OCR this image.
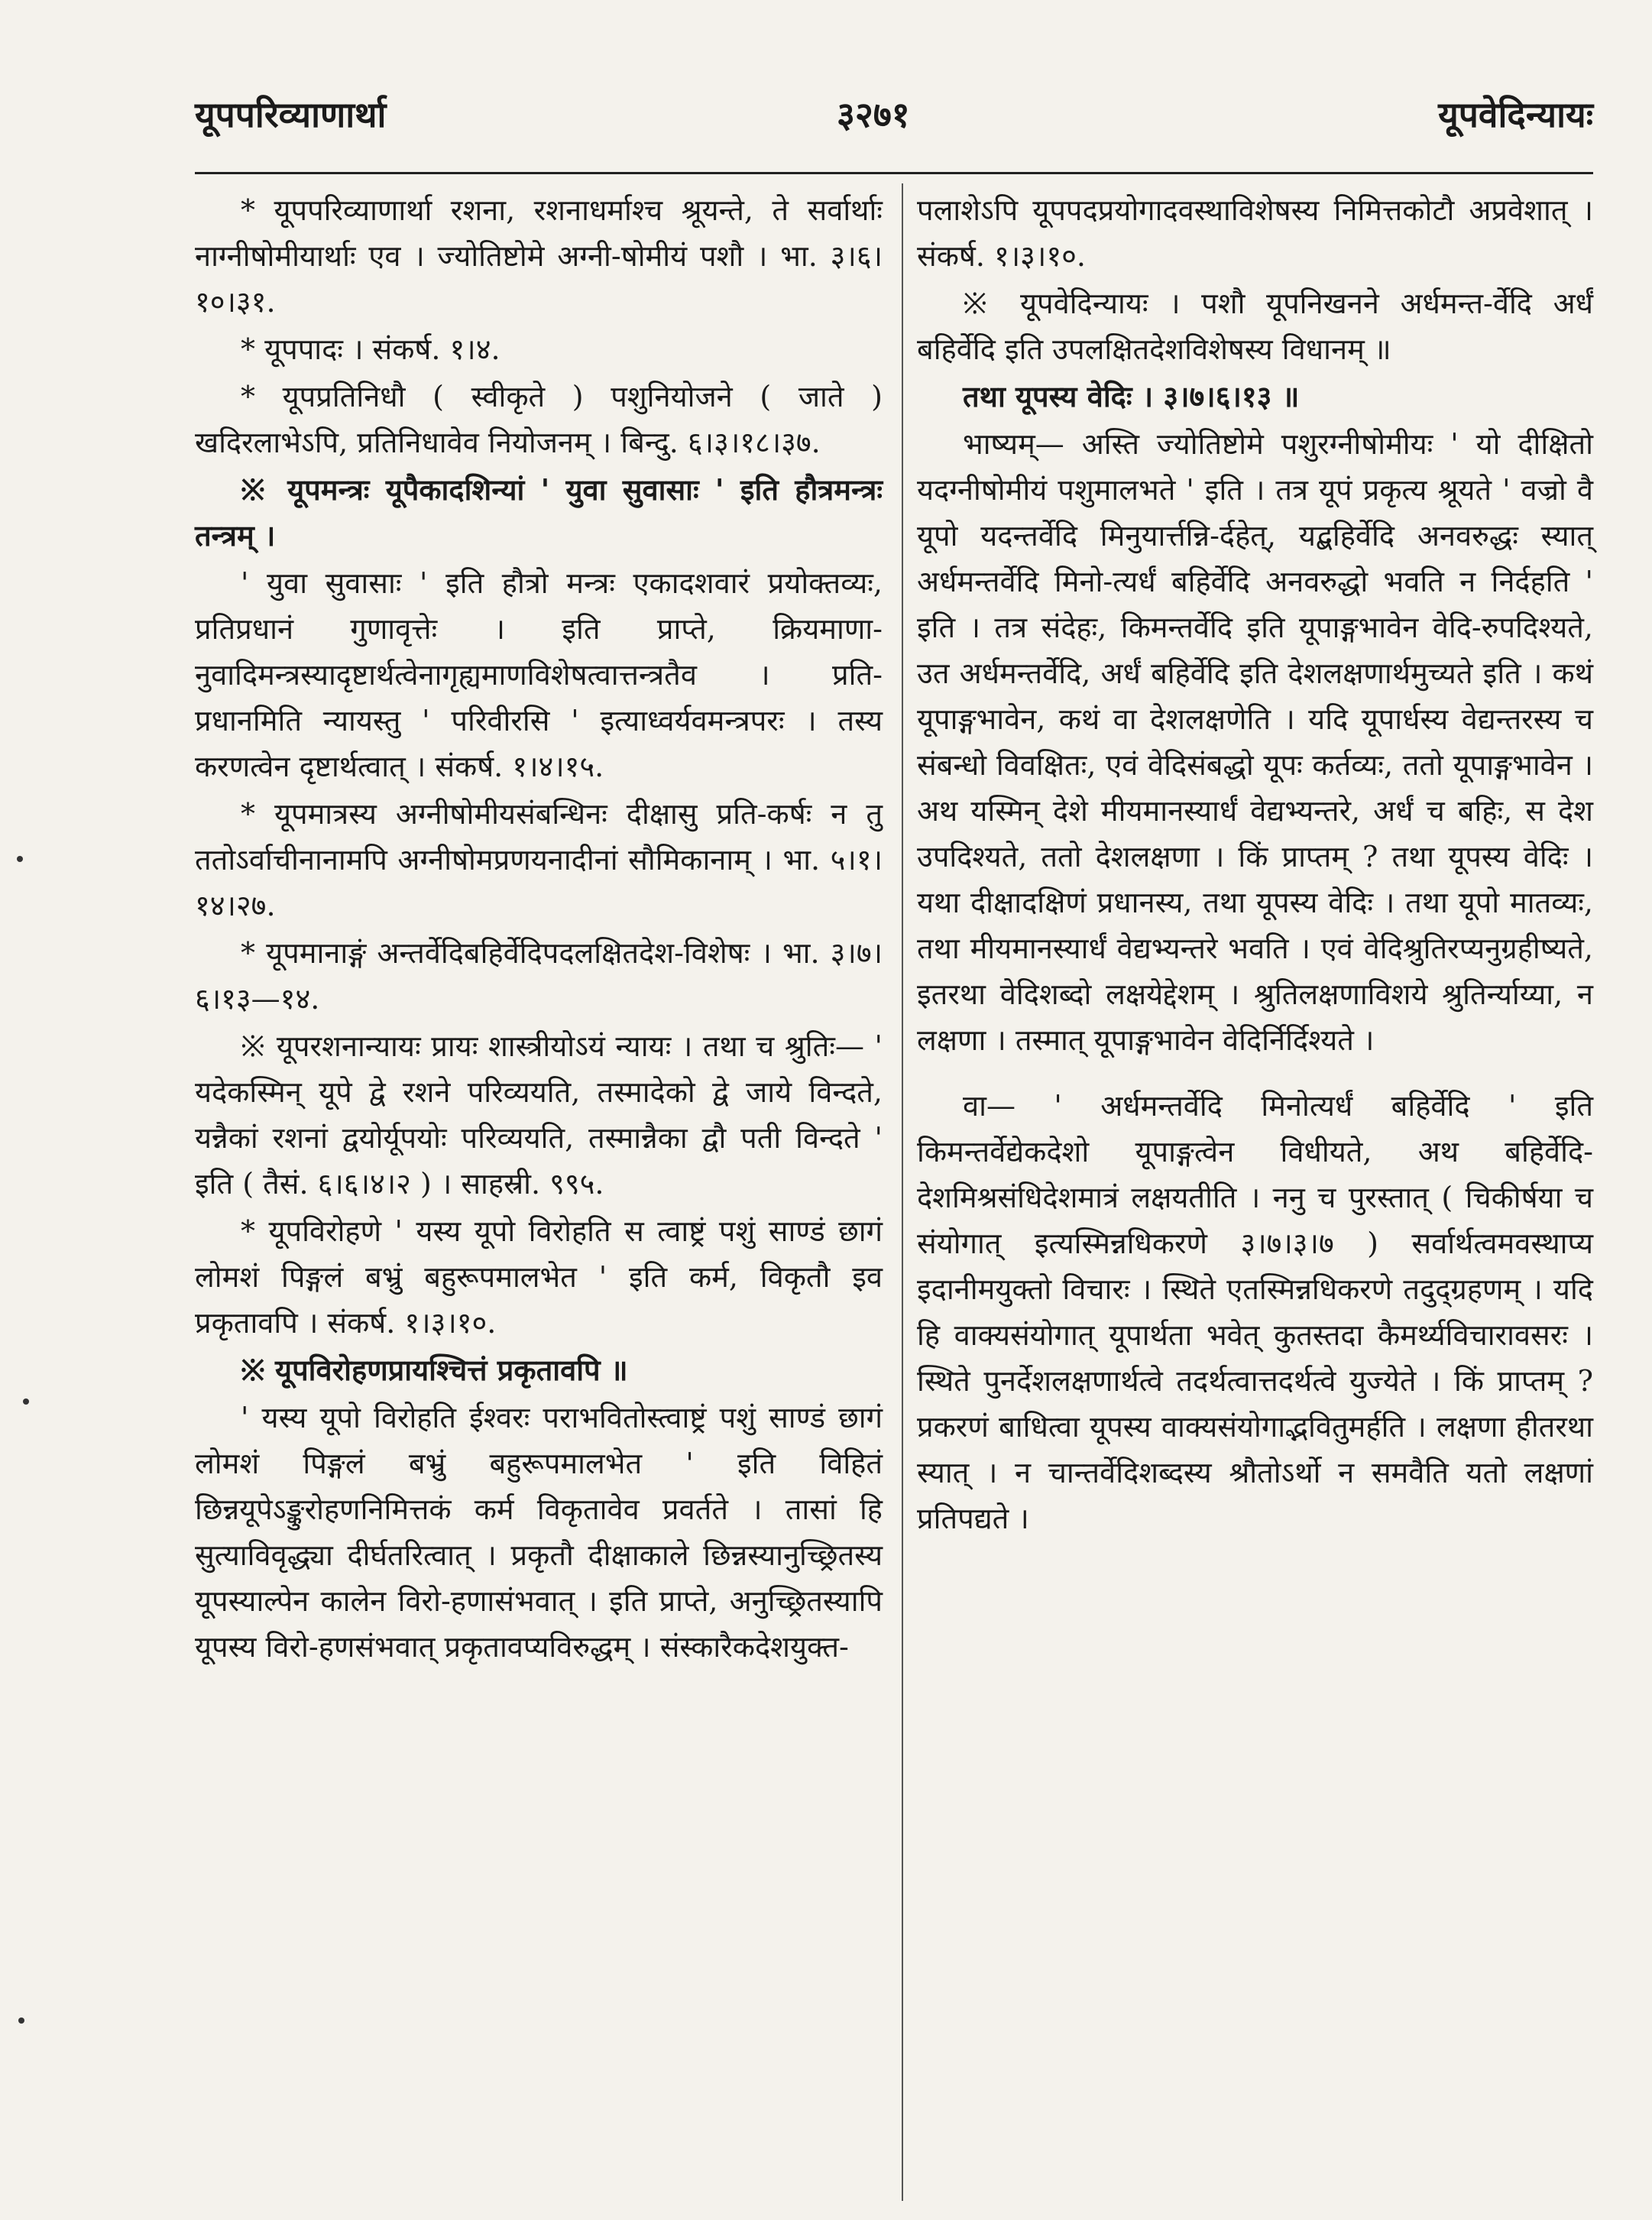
यूपपरिव्याणार्था	३२७१	यूपवेदिन्यायः

* यूपपरिव्याणार्था रशना, रशनाधर्माश्च श्रूयन्ते, ते सर्वार्थाः नाग्नीषोमीयार्थाः एव । ज्योतिष्टोमे अग्नी-षोमीयं पशौ । भा. ३।६।१०।३१.

* यूपपादः । संकर्ष. १।४.

* यूपप्रतिनिधौ ( स्वीकृते ) पशुनियोजने ( जाते ) खदिरलाभेऽपि, प्रतिनिधावेव नियोजनम् । बिन्दु. ६।३।१८।३७.

※ यूपमन्त्रः यूपैकादशिन्यां ' युवा सुवासाः ' इति हौत्रमन्त्रः तन्त्रम् ।

' युवा सुवासाः ' इति हौत्रो मन्त्रः एकादशवारं प्रयोक्तव्यः, प्रतिप्रधानं गुणावृत्तेः । इति प्राप्ते, क्रियमाणा-नुवादिमन्त्रस्यादृष्टार्थत्वेनागृह्यमाणविशेषत्वात्तन्त्रतैव । प्रति-प्रधानमिति न्यायस्तु ' परिवीरसि ' इत्याध्वर्यवमन्त्रपरः । तस्य करणत्वेन दृष्टार्थत्वात् । संकर्ष. १।४।१५.

* यूपमात्रस्य अग्नीषोमीयसंबन्धिनः दीक्षासु प्रति-कर्षः न तु ततोऽर्वाचीनानामपि अग्नीषोमप्रणयनादीनां सौमिकानाम् । भा. ५।१।१४।२७.

* यूपमानाङ्गं अन्तर्वेदिबहिर्वेदिपदलक्षितदेश-विशेषः । भा. ३।७।६।१३—१४.

※ यूपरशनान्यायः प्रायः शास्त्रीयोऽयं न्यायः । तथा च श्रुतिः— ' यदेकस्मिन् यूपे द्वे रशने परिव्ययति, तस्मादेको द्वे जाये विन्दते, यन्नैकां रशनां द्वयोर्यूपयोः परिव्ययति, तस्मान्नैका द्वौ पती विन्दते ' इति ( तैसं. ६।६।४।२ ) । साहस्री. ९९५.

* यूपविरोहणे ' यस्य यूपो विरोहति स त्वाष्ट्रं पशुं साण्डं छागं लोमशं पिङ्गलं बभ्रुं बहुरूपमालभेत ' इति कर्म, विकृतौ इव प्रकृतावपि । संकर्ष. १।३।१०.

※ यूपविरोहणप्रायश्चित्तं प्रकृतावपि ॥

' यस्य यूपो विरोहति ईश्वरः पराभवितोस्त्वाष्ट्रं पशुं साण्डं छागं लोमशं पिङ्गलं बभ्रुं बहुरूपमालभेत ' इति विहितं छिन्नयूपेऽङ्कुरोहणनिमित्तकं कर्म विकृतावेव प्रवर्तते । तासां हि सुत्याविवृद्ध्या दीर्घतरित्वात् । प्रकृतौ दीक्षाकाले छिन्नस्यानुच्छ्रितस्य यूपस्याल्पेन कालेन विरो-हणासंभवात् । इति प्राप्ते, अनुच्छ्रितस्यापि यूपस्य विरो-हणसंभवात् प्रकृतावप्यविरुद्धम् । संस्कारैकदेशयुक्त-

पलाशेऽपि यूपपदप्रयोगादवस्थाविशेषस्य निमित्तकोटौ अप्रवेशात् । संकर्ष. १।३।१०.

※ यूपवेदिन्यायः । पशौ यूपनिखनने अर्धमन्त-र्वेदि अर्धं बहिर्वेदि इति उपलक्षितदेशविशेषस्य विधानम् ॥

तथा यूपस्य वेदिः । ३।७।६।१३ ॥

भाष्यम्— अस्ति ज्योतिष्टोमे पशुरग्नीषोमीयः ' यो दीक्षितो यदग्नीषोमीयं पशुमालभते ' इति । तत्र यूपं प्रकृत्य श्रूयते ' वज्रो वै यूपो यदन्तर्वेदि मिनुयार्त्तन्नि-र्दहेत्, यद्बहिर्वेदि अनवरुद्धः स्यात् अर्धमन्तर्वेदि मिनो-त्यर्धं बहिर्वेदि अनवरुद्धो भवति न निर्दहति ' इति । तत्र संदेहः, किमन्तर्वेदि इति यूपाङ्गभावेन वेदि-रुपदिश्यते, उत अर्धमन्तर्वेदि, अर्धं बहिर्वेदि इति देशलक्षणार्थमुच्यते इति । कथं यूपाङ्गभावेन, कथं वा देशलक्षणेति । यदि यूपार्धस्य वेद्यन्तरस्य च संबन्धो विवक्षितः, एवं वेदिसंबद्धो यूपः कर्तव्यः, ततो यूपाङ्गभावेन । अथ यस्मिन् देशे मीयमानस्यार्धं वेद्यभ्यन्तरे, अर्धं च बहिः, स देश उपदिश्यते, ततो देशलक्षणा । किं प्राप्तम् ? तथा यूपस्य वेदिः । यथा दीक्षादक्षिणं प्रधानस्य, तथा यूपस्य वेदिः । तथा यूपो मातव्यः, तथा मीयमानस्यार्धं वेद्यभ्यन्तरे भवति । एवं वेदिश्रुतिरप्यनुग्रहीष्यते, इतरथा वेदिशब्दो लक्षयेद्देशम् । श्रुतिलक्षणाविशये श्रुतिर्न्याय्या, न लक्षणा । तस्मात् यूपाङ्गभावेन वेदिर्निर्दिश्यते ।

वा— ' अर्धमन्तर्वेदि मिनोत्यर्धं बहिर्वेदि ' इति किमन्तर्वेद्येकदेशो यूपाङ्गत्वेन विधीयते, अथ बहिर्वेदि-देशमिश्रसंधिदेशमात्रं लक्षयतीति । ननु च पुरस्तात् ( चिकीर्षया च संयोगात् इत्यस्मिन्नधिकरणे ३।७।३।७ ) सर्वार्थत्वमवस्थाप्य इदानीमयुक्तो विचारः । स्थिते एतस्मिन्नधिकरणे तदुद्ग्रहणम् । यदि हि वाक्यसंयोगात् यूपार्थता भवेत् कुतस्तदा कैमर्थ्यविचारावसरः । स्थिते पुनर्देशलक्षणार्थत्वे तदर्थत्वात्तदर्थत्वे युज्येते । किं प्राप्तम् ? प्रकरणं बाधित्वा यूपस्य वाक्यसंयोगाद्भवितुमर्हति । लक्षणा हीतरथा स्यात् । न चान्तर्वेदिशब्दस्य श्रौतोऽर्थो न समवैति यतो लक्षणां प्रतिपद्यते ।
